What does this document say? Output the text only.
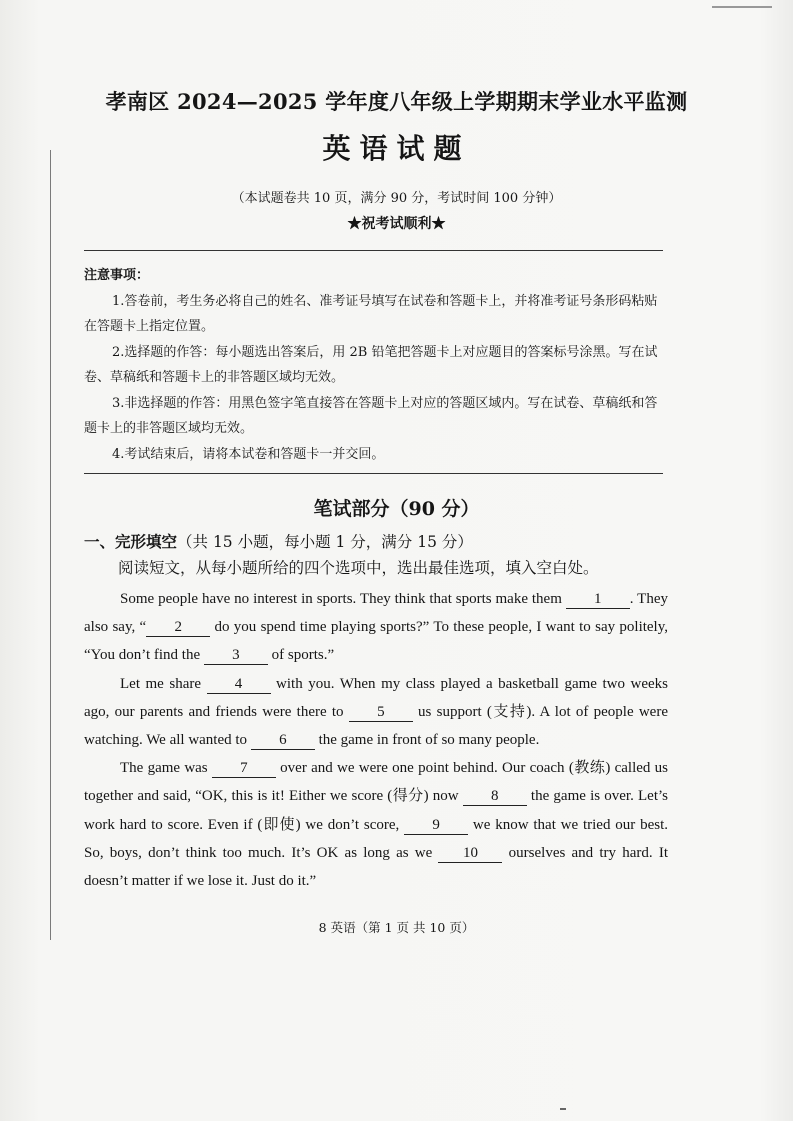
孝南区 2024—2025 学年度八年级上学期期末学业水平监测
英语试题
（本试题卷共 10 页，满分 90 分，考试时间 100 分钟）
★祝考试顺利★
注意事项：

1.答卷前，考生务必将自己的姓名、准考证号填写在试卷和答题卡上，并将准考证号条形码粘贴在答题卡上指定位置。

2.选择题的作答：每小题选出答案后，用 2B 铅笔把答题卡上对应题目的答案标号涂黑。写在试卷、草稿纸和答题卡上的非答题区域均无效。

3.非选择题的作答：用黑色签字笔直接答在答题卡上对应的答题区域内。写在试卷、草稿纸和答题卡上的非答题区域均无效。

4.考试结束后，请将本试卷和答题卡一并交回。

笔试部分（90 分）
一、完形填空（共 15 小题，每小题 1 分，满分 15 分）
阅读短文，从每小题所给的四个选项中，选出最佳选项，填入空白处。

Some people have no interest in sports. They think that sports make them 1 . They also say, “ 2 do you spend time playing sports?” To these people, I want to say politely, “You don’t find the 3 of sports.”

Let me share 4 with you. When my class played a basketball game two weeks ago, our parents and friends were there to 5 us support (支持). A lot of people were watching. We all wanted to 6 the game in front of so many people.

The game was 7 over and we were one point behind. Our coach (教练) called us together and said, “OK, this is it! Either we score (得分) now 8 the game is over. Let’s work hard to score. Even if (即使) we don’t score, 9 we know that we tried our best. So, boys, don’t think too much. It’s OK as long as we 10 ourselves and try hard. It doesn’t matter if we lose it. Just do it.”

8 英语（第 1 页 共 10 页）
